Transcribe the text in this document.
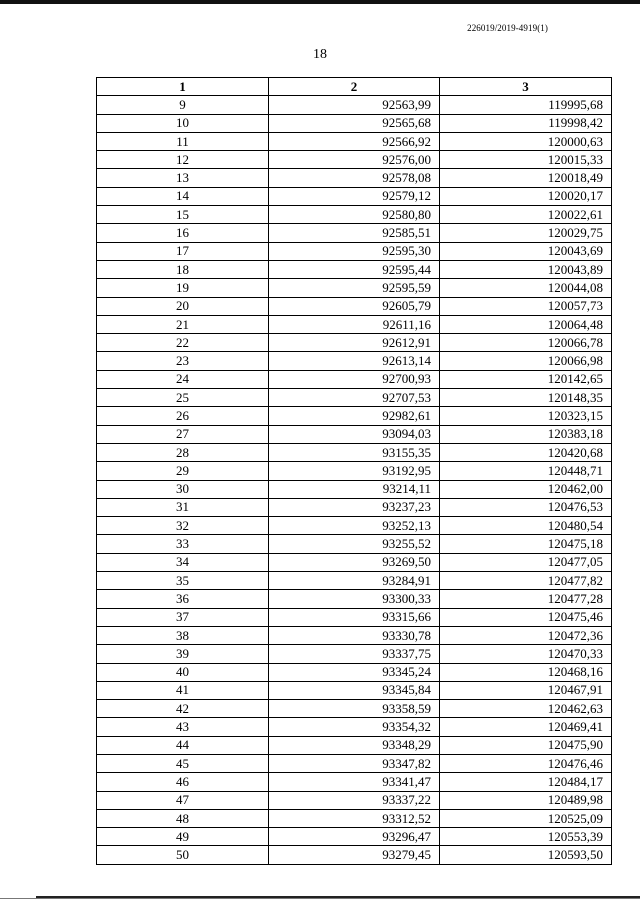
226019/2019-4919(1)
18
1	2	3
9	92563,99	119995,68
10	92565,68	119998,42
11	92566,92	120000,63
12	92576,00	120015,33
13	92578,08	120018,49
14	92579,12	120020,17
15	92580,80	120022,61
16	92585,51	120029,75
17	92595,30	120043,69
18	92595,44	120043,89
19	92595,59	120044,08
20	92605,79	120057,73
21	92611,16	120064,48
22	92612,91	120066,78
23	92613,14	120066,98
24	92700,93	120142,65
25	92707,53	120148,35
26	92982,61	120323,15
27	93094,03	120383,18
28	93155,35	120420,68
29	93192,95	120448,71
30	93214,11	120462,00
31	93237,23	120476,53
32	93252,13	120480,54
33	93255,52	120475,18
34	93269,50	120477,05
35	93284,91	120477,82
36	93300,33	120477,28
37	93315,66	120475,46
38	93330,78	120472,36
39	93337,75	120470,33
40	93345,24	120468,16
41	93345,84	120467,91
42	93358,59	120462,63
43	93354,32	120469,41
44	93348,29	120475,90
45	93347,82	120476,46
46	93341,47	120484,17
47	93337,22	120489,98
48	93312,52	120525,09
49	93296,47	120553,39
50	93279,45	120593,50
